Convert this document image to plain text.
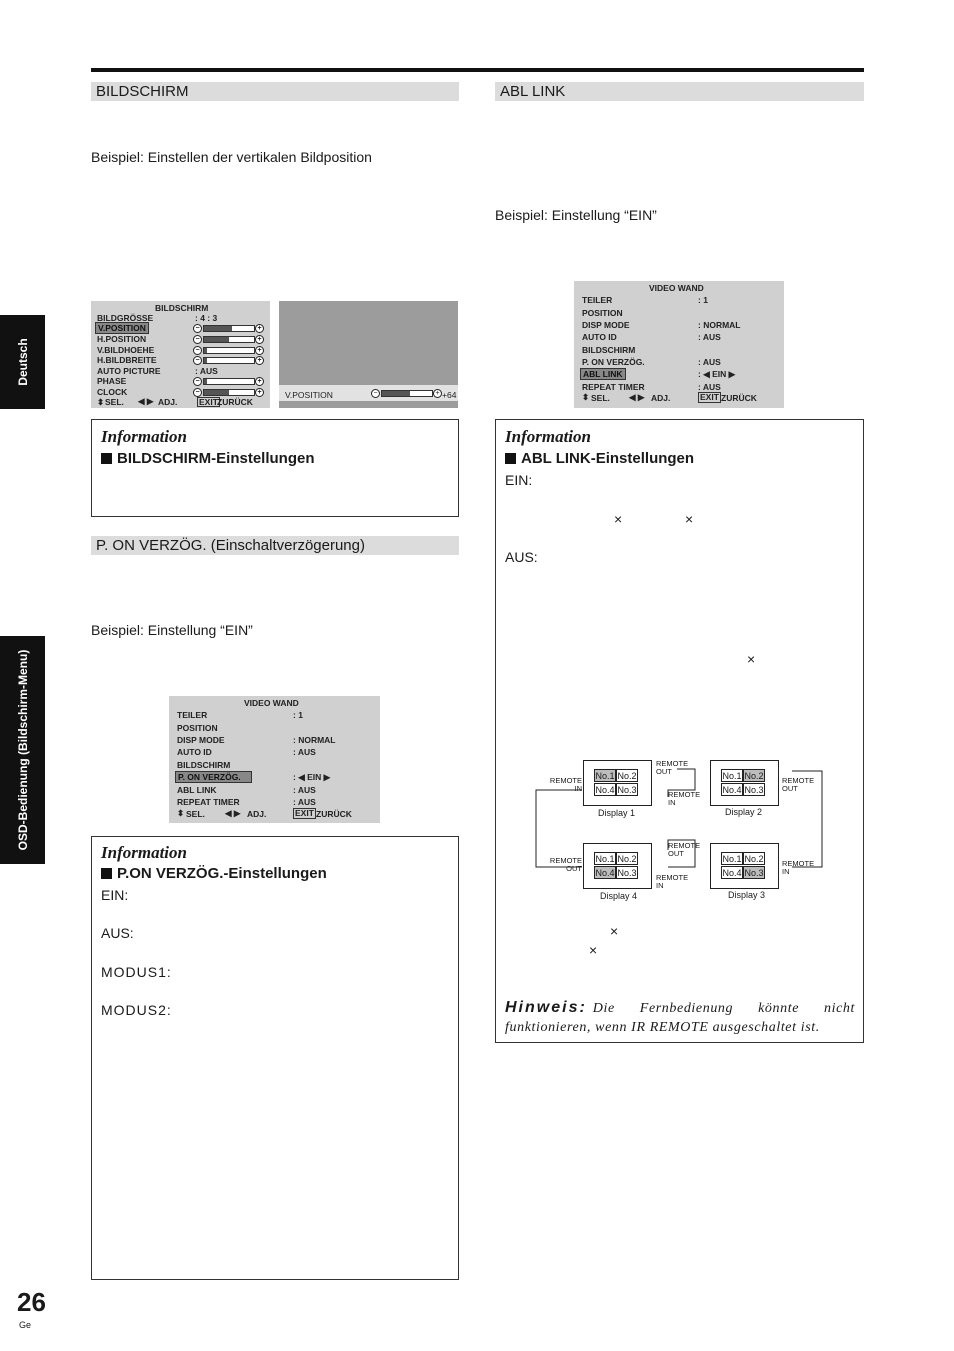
Deutsch
OSD-Bedienung (Bildschirm-Menu)
BILDSCHIRM
Beispiel: Einstellen der vertikalen Bildposition
BILDSCHIRM
BILDGRÖSSE	: 4 : 3
V.POSITION	−	+
H.POSITION	−	+
V.BILDHOEHE	−	+
H.BILDBREITE	−	+
AUTO PICTURE	: AUS
PHASE	−	+
CLOCK	−	+
⬍ SEL. ◀ ▶ ADJ.	EXIT ZURÜCK
V.POSITION	−	+ +64
Information
BILDSCHIRM-Einstellungen
P. ON VERZÖG. (Einschaltverzögerung)
Beispiel: Einstellung “EIN”
VIDEO WAND
TEILER	: 1
POSITION
DISP MODE	: NORMAL
AUTO ID	: AUS
BILDSCHIRM
P. ON VERZÖG.	: ◀ EIN ▶
ABL LINK	: AUS
REPEAT TIMER	: AUS
⬍ SEL. ◀ ▶ ADJ.	EXIT ZURÜCK
Information
P.ON VERZÖG.-Einstellungen
EIN:
AUS:
MODUS1:
MODUS2:
ABL LINK
Beispiel: Einstellung “EIN”
VIDEO WAND
TEILER	: 1
POSITION
DISP MODE	: NORMAL
AUTO ID	: AUS
BILDSCHIRM
P. ON VERZÖG.	: AUS
ABL LINK	: ◀ EIN ▶
REPEAT TIMER	: AUS
⬍ SEL. ◀ ▶ ADJ.	EXIT ZURÜCK
Information
ABL LINK-Einstellungen
EIN:
×	×
AUS:
×
×
×
No.1 No.2
No.4 No.3
Display 1
No.1 No.2
No.4 No.3
Display 2
No.1 No.2
No.4 No.3
Display 4
No.1 No.2
No.4 No.3
Display 3
REMOTE IN
REMOTE OUT
REMOTE IN
REMOTE OUT
REMOTE OUT
REMOTE OUT
REMOTE IN
REMOTE IN
Hinweis: Die Fernbedienung könnte nicht funktionieren, wenn IR REMOTE ausgeschaltet ist.
26
Ge
